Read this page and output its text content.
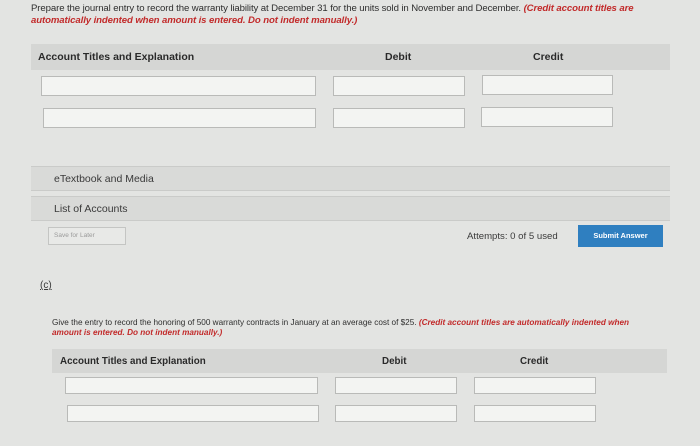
Prepare the journal entry to record the warranty liability at December 31 for the units sold in November and December. (Credit account titles are automatically indented when amount is entered. Do not indent manually.)
Account Titles and Explanation	Debit	Credit
eTextbook and Media
List of Accounts
Save for Later	Attempts: 0 of 5 used	Submit Answer
(c)
Give the entry to record the honoring of 500 warranty contracts in January at an average cost of $25. (Credit account titles are automatically indented when amount is entered. Do not indent manually.)
Account Titles and Explanation	Debit	Credit
